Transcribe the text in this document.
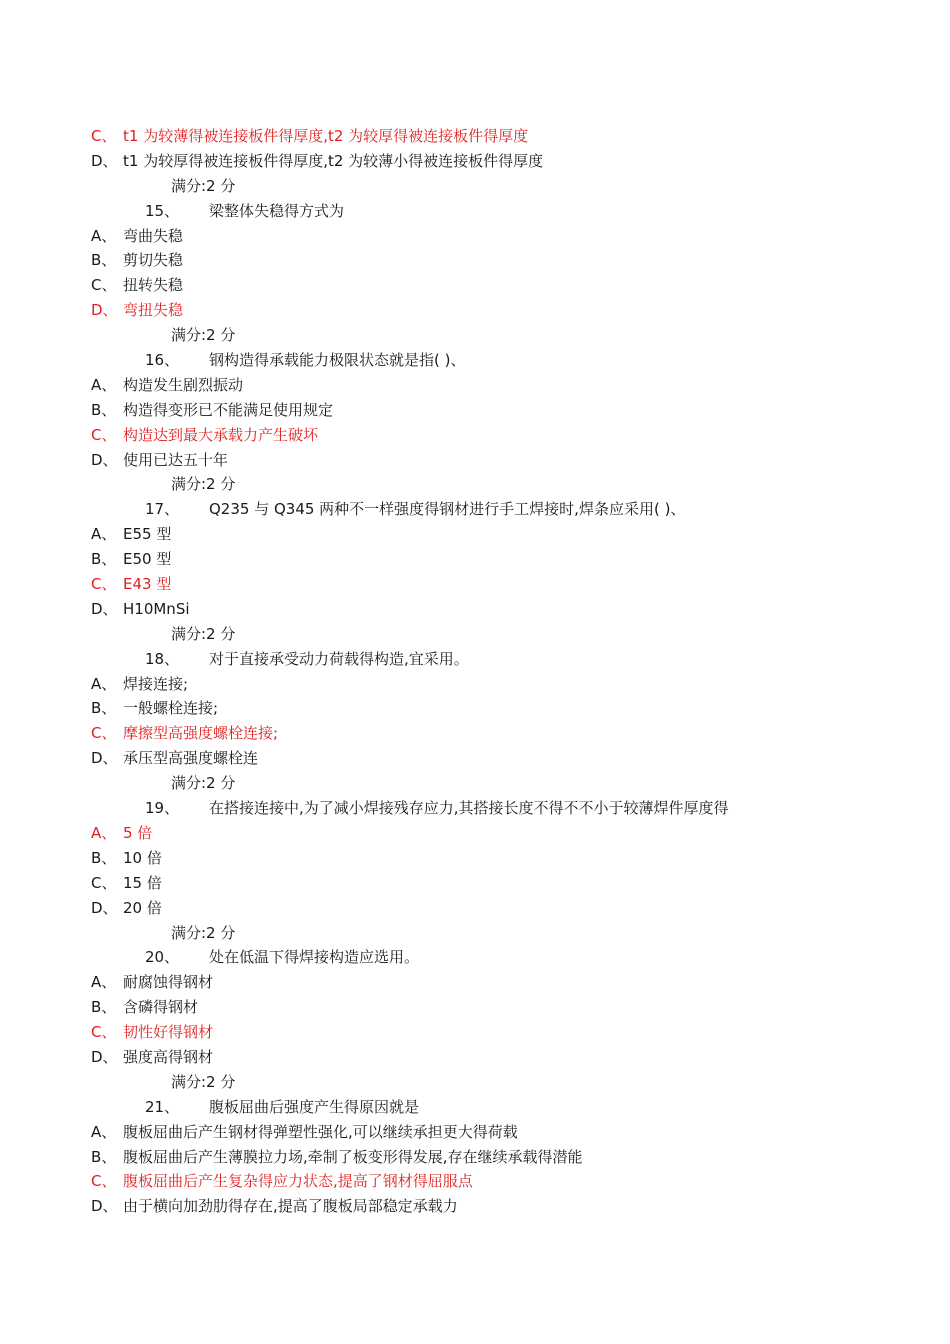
C、 t1 为较薄得被连接板件得厚度,t2 为较厚得被连接板件得厚度
D、 t1 为较厚得被连接板件得厚度,t2 为较薄小得被连接板件得厚度
满分:2 分
15、 梁整体失稳得方式为
A、 弯曲失稳
B、 剪切失稳
C、 扭转失稳
D、 弯扭失稳
满分:2 分
16、 钢构造得承载能力极限状态就是指( )、
A、 构造发生剧烈振动
B、 构造得变形已不能满足使用规定
C、 构造达到最大承载力产生破坏
D、 使用已达五十年
满分:2 分
17、 Q235 与 Q345 两种不一样强度得钢材进行手工焊接时,焊条应采用( )、
A、 E55 型
B、 E50 型
C、 E43 型
D、 H10MnSi
满分:2 分
18、 对于直接承受动力荷载得构造,宜采用。
A、 焊接连接;
B、 一般螺栓连接;
C、 摩擦型高强度螺栓连接;
D、 承压型高强度螺栓连
满分:2 分
19、 在搭接连接中,为了减小焊接残存应力,其搭接长度不得不不小于较薄焊件厚度得
A、 5 倍
B、 10 倍
C、 15 倍
D、 20 倍
满分:2 分
20、 处在低温下得焊接构造应选用。
A、 耐腐蚀得钢材
B、 含磷得钢材
C、 韧性好得钢材
D、 强度高得钢材
满分:2 分
21、 腹板屈曲后强度产生得原因就是
A、 腹板屈曲后产生钢材得弹塑性强化,可以继续承担更大得荷载
B、 腹板屈曲后产生薄膜拉力场,牵制了板变形得发展,存在继续承载得潜能
C、 腹板屈曲后产生复杂得应力状态,提高了钢材得屈服点
D、 由于横向加劲肋得存在,提高了腹板局部稳定承载力
